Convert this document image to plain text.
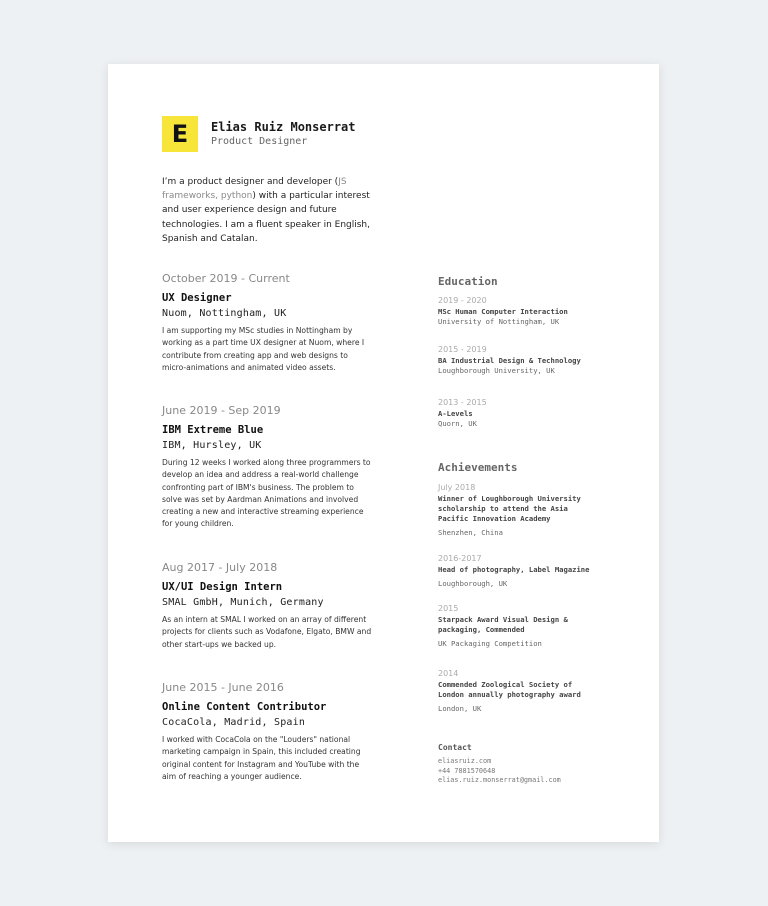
E Elias Ruiz Monserrat
Product Designer
I’m a product designer and developer (JS frameworks, python) with a particular interest and user experience design and future technologies. I am a fluent speaker in English, Spanish and Catalan.
October 2019 - Current
UX Designer
Nuom, Nottingham, UK
I am supporting my MSc studies in Nottingham by working as a part time UX designer at Nuom, where I contribute from creating app and web designs to micro-animations and animated video assets.
June 2019 - Sep 2019
IBM Extreme Blue
IBM, Hursley, UK
During 12 weeks I worked along three programmers to develop an idea and address a real-world challenge confronting part of IBM's business. The problem to solve was set by Aardman Animations and involved creating a new and interactive streaming experience for young children.
Aug 2017 - July 2018
UX/UI Design Intern
SMAL GmbH, Munich, Germany
As an intern at SMAL I worked on an array of different projects for clients such as Vodafone, Elgato, BMW and other start-ups we backed up.
June 2015 - June 2016
Online Content Contributor
CocaCola, Madrid, Spain
I worked with CocaCola on the "Louders" national marketing campaign in Spain, this included creating original content for Instagram and YouTube with the aim of reaching a younger audience.
Education
2019 - 2020
MSc Human Computer Interaction
University of Nottingham, UK
2015 - 2019
BA Industrial Design & Technology
Loughborough University, UK
2013 - 2015
A-Levels
Quorn, UK
Achievements
July 2018
Winner of Loughborough University scholarship to attend the Asia Pacific Innovation Academy
Shenzhen, China
2016-2017
Head of photography, Label Magazine
Loughborough, UK
2015
Starpack Award Visual Design & packaging, Commended
UK Packaging Competition
2014
Commended Zoological Society of London annually photography award
London, UK
Contact
eliasruiz.com
+44 7881570648
elias.ruiz.monserrat@gmail.com
